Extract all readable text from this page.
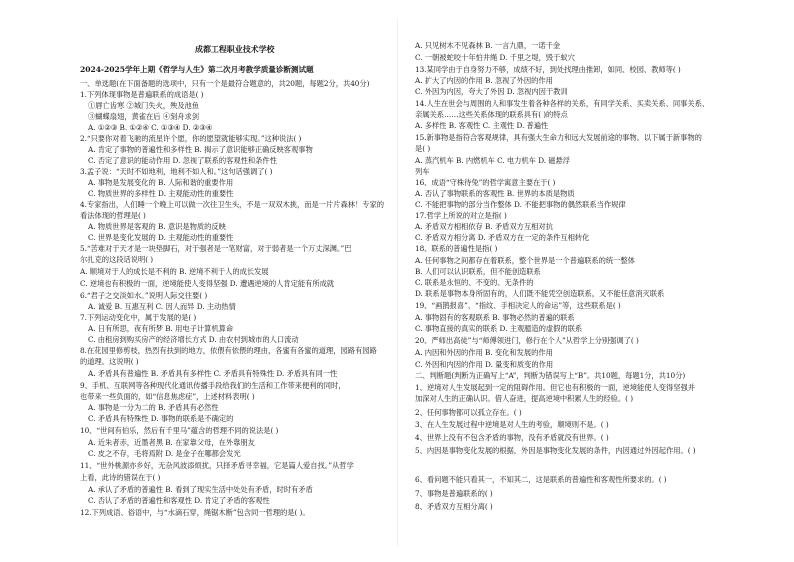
成都工程职业技术学校
2024-2025学年上期《哲学与人生》第二次月考教学质量诊断测试题
一、单选题(在下面备题的选项中，只有一个是最符合题意的，共20题，每题2分，共40分)
1.下列体现事物是普遍联系的成语是( )
①唇亡齿寒 ②城门失火，殃及池鱼
③蝴蝶扇翅，黄雀在后 ④刻舟求剑
A. ①②③ B. ①②④ C. ①③④ D. ②③④
2.“只要你对着飞驰的流星许个愿，你的愿望就能够实现。”这种说法( )
A. 肯定了事物的普遍性和多样性 B. 揭示了意识能够正确反映客观事物
C. 否定了意识的能动作用 D. 忽视了联系的客观性和条件性
3.孟子说：“天时不如地利，地利不如人和。”这句话强调了( )
A. 事物是发展变化的 B. 人际和谐的重要作用
C. 物质世界的多样性 D. 主观能动性的重要性
4.专家指出，人们睡一个晚上可以做一次往卫生头，不是一双双木挑，而是一片片森林！专家的
看法体现的哲理是( )
A. 物质世界是客观的 B. 意识是物质的反映
C. 世界是变化发展的 D. 主观能动性的重要性
5.“苦难对于天才是一块垫脚石，对于强者是一笔财富，对于弱者是一个万丈深渊。”巴
尔扎克的这段话说明( )
A. 顺境对于人的成长是不利的 B. 逆境不利于人的成长发展
C. 逆境也有积极的一面，逆境能使人变得坚强 D. 遭遇逆境的人肯定能有所成就
6.“君子之交淡如水。”说明人际交往要( )
A. 诚爱 B. 互惠互利 C. 因人而异 D. 主动热情
7.下列运动变化中，属于发展的是( )
A. 日有所思，夜有所梦 B. 用电子计算机算命
C. 由租房到购买房产的经济增长方式 D. 由农村到城市的人口流动
8.在花园里修剪枝，热烈有扶到的地方，依偎有依偎的理由，各蜜有各蜜的道理，园路有园路
的道理。这说明( )
A. 矛盾具有普遍性 B. 矛盾具有多样性 C. 矛盾具有特殊性 D. 矛盾具有同一性
9、手机、互联网等各种现代化通讯传播手段给我们的生活和工作带来便利的同时，
也带来一些负面的，如“信息焦虑症”，上述材料表明( )
A. 事物是一分为二的 B. 矛盾具有必然性
C. 矛盾具有特殊性 D. 事物的联系是不确定的
10、“世间有伯乐，然后有千里马”蕴含的哲理不同的说法是( )
A. 近朱者赤，近墨者黑 B. 在家靠父母，在外靠朋友
C. 皮之不存，毛将焉附 D. 是金子在哪都会发光
11、“世外桃源亦乡好，无杂风波添烦扰，只择矛盾寻幸福，它是篇人爱自找。”从哲学
上看，此诗的错误在于( )
A. 承认了矛盾的普遍性 B. 看到了现实生活中处处有矛盾，时时有矛盾
C. 否认了矛盾的普遍性和客观性 D. 肯定了矛盾的客观性
12.下列成语、俗语中，与“水滴石穿，绳锯木断”包含同一哲理的是( )。
A. 只见树木不见森林 B. 一言九鼎，一诺千金
C. 一朝被蛇咬十年怕井绳 D. 千里之堤，毁于蚁穴
13.某同学由于自身努力不够，成绩不好，到处找理由推卸，如同、校园、教师等( )
A. 扩大了内因的作用 B. 忽视了外因的作用
C. 外因为内因，夸大了外因 D. 忽视内因干教训
14.人生在世会与周围的人和事发生着各种各样的关系，有同学关系、买卖关系、同事关系、
亲属关系……这些关系体现的联系具有( )的特点
A. 多样性 B. 客观性 C. 主观性 D. 普遍性
15.新事物是指符合客观规律，具有强大生命力和远大发展前途的事物。以下属于新事物的
是( )
A. 蒸汽机车 B. 内燃机车 C. 电力机车 D. 磁悬浮
列车
16、成语“守株待兔”的哲学寓意主要在于( )
A. 否认了事物联系的客观性 B. 世界的本质是物质
C. 不能把事物的部分当作整体 D. 不能把事物的偶然联系当作规律
17.哲学上所说的对立是指( )
A. 矛盾双方相相依存 B. 矛盾双方互相对抗
C. 矛盾双方相分离 D. 矛盾双方在一定的条件互相转化
18、联系的普遍性是指( )
A. 任何事物之间都存在着联系，整个世界是一个普遍联系的统一整体
B. 人们可以认识联系，但不能创造联系
C. 联系是永恒的、不变的、无条件的
D. 联系是事物本身所固有的，人们既不能凭空创造联系，又不能任意消灭联系
19、“画鹊报喜”、“指纹、手相决定人的命运”等，这些联系是( )
A. 事物固有的客观联系 B. 事物必然的普遍的联系
C. 事物直接的真实的联系 D. 主观臆造的虚假的联系
20、严师出高徒”与“师傅领进门，修行在个人”从哲学上分别强调了( )
A. 内因和外因的作用 B. 变化和发展的作用
C. 外因和内因的作用 D. 量变和质变的作用
二、判断题(判断为正确写上“A”，判断为错误写上“B”。共10题，每题1分，共10分)
1、逆境对人生发展起到一定的阻碍作用。但它也有积极的一面，逆境能使人变得坚强并
加深对人生的正确认识。借人奋进，提高逆境中积累人生的经验。( )
2、任何事物都可以孤立存在。( )
3、在人生发展过程中逆境是对人生的考验，顺境则不是。( )
4、世界上没有不包含矛盾的事物，没有矛盾就没有世界。( )
5、内因是事物变化发展的根据，外因是事物变化发展的条件，内因通过外因起作用。( )
6、看问题不能只看其一，不知其二，这是联系的普遍性和客观性所要求的。( )
7、事物是普遍联系的( )
8、矛盾双方互相分离( )
